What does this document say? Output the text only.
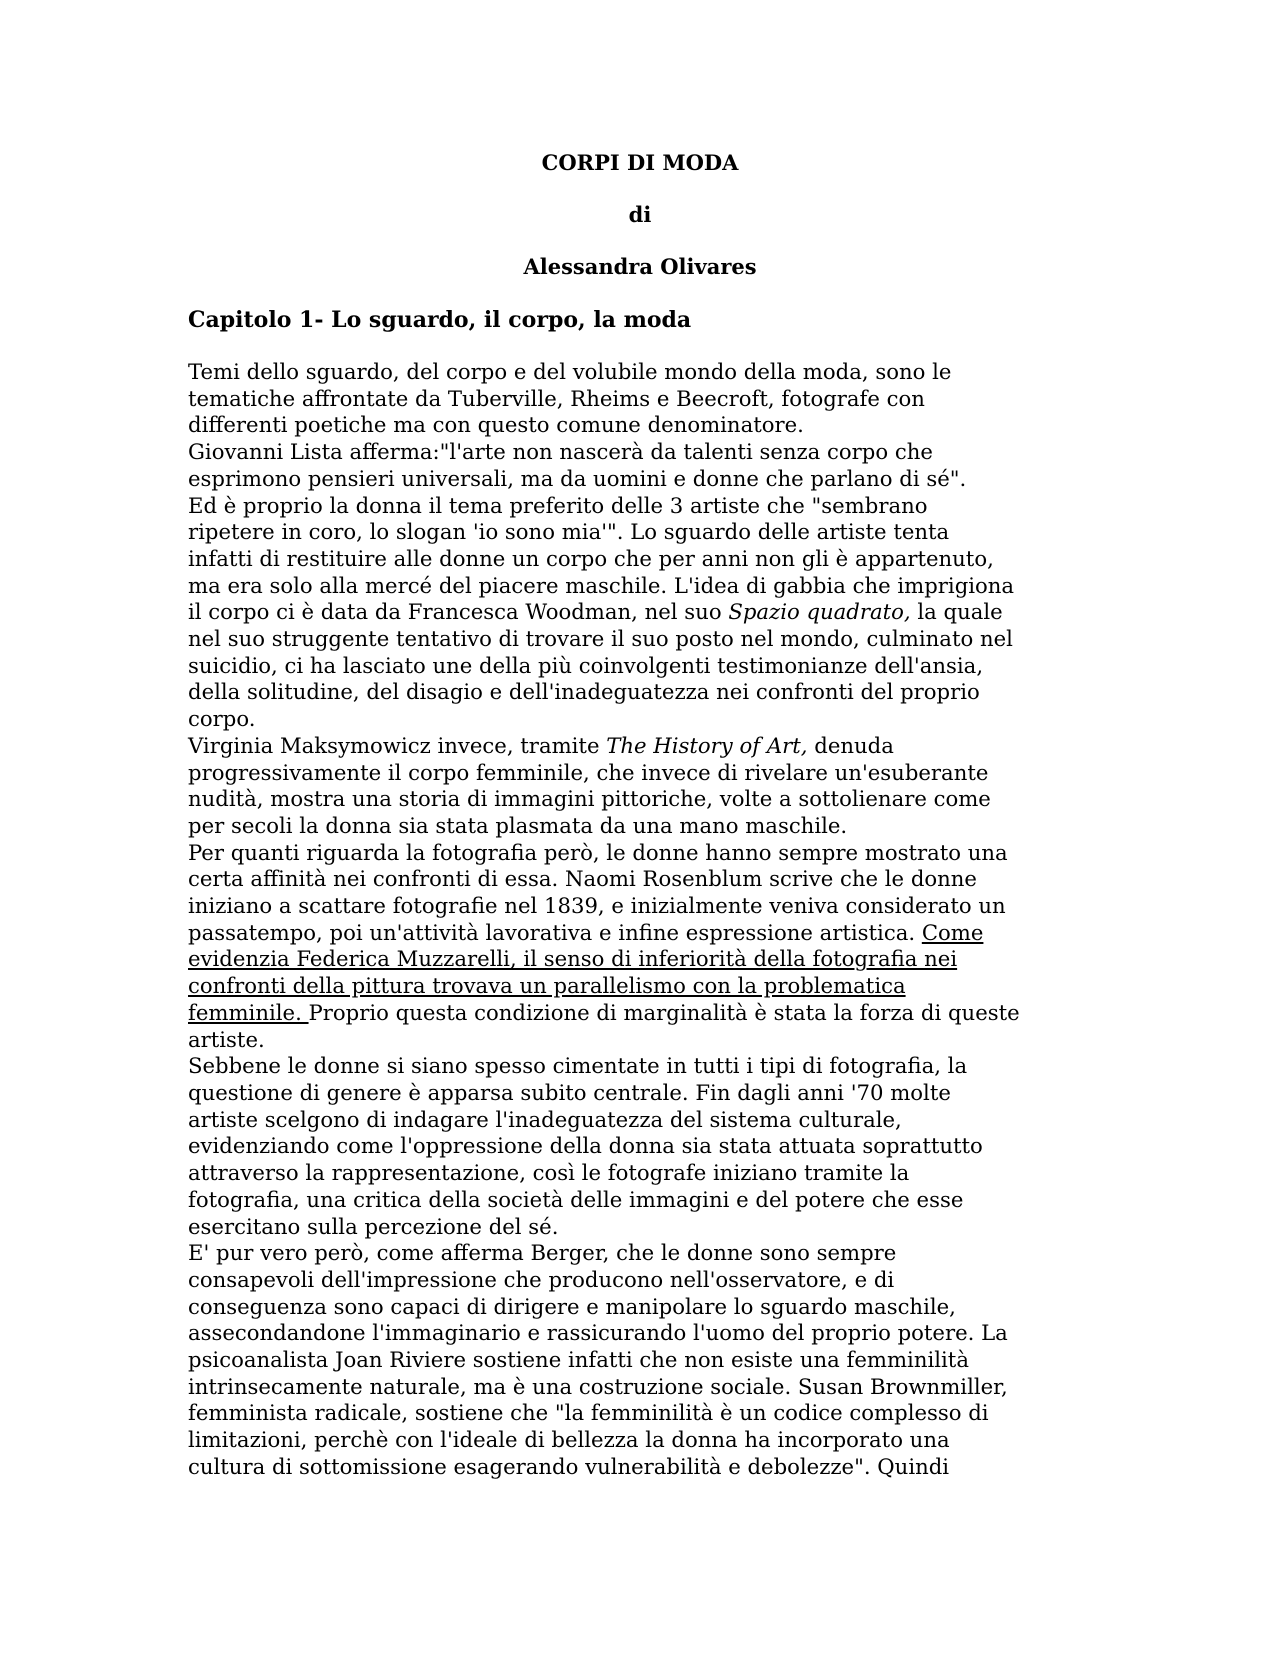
CORPI DI MODA
di
Alessandra Olivares
Capitolo 1- Lo sguardo, il corpo, la moda

Temi dello sguardo, del corpo e del volubile mondo della moda, sono le
tematiche affrontate da Tuberville, Rheims e Beecroft, fotografe con
differenti poetiche ma con questo comune denominatore.

Giovanni Lista afferma:"l'arte non nascerà da talenti senza corpo che
esprimono pensieri universali, ma da uomini e donne che parlano di sé".

Ed è proprio la donna il tema preferito delle 3 artiste che "sembrano
ripetere in coro, lo slogan 'io sono mia'". Lo sguardo delle artiste tenta
infatti di restituire alle donne un corpo che per anni non gli è appartenuto,
ma era solo alla mercé del piacere maschile. L'idea di gabbia che imprigiona
il corpo ci è data da Francesca Woodman, nel suo Spazio quadrato, la quale
nel suo struggente tentativo di trovare il suo posto nel mondo, culminato nel
suicidio, ci ha lasciato une della più coinvolgenti testimonianze dell'ansia,
della solitudine, del disagio e dell'inadeguatezza nei confronti del proprio
corpo.

Virginia Maksymowicz invece, tramite The History of Art, denuda
progressivamente il corpo femminile, che invece di rivelare un'esuberante
nudità, mostra una storia di immagini pittoriche, volte a sottolienare come
per secoli la donna sia stata plasmata da una mano maschile.

Per quanti riguarda la fotografia però, le donne hanno sempre mostrato una
certa affinità nei confronti di essa. Naomi Rosenblum scrive che le donne
iniziano a scattare fotografie nel 1839, e inizialmente veniva considerato un
passatempo, poi un'attività lavorativa e infine espressione artistica. Come
evidenzia Federica Muzzarelli, il senso di inferiorità della fotografia nei
confronti della pittura trovava un parallelismo con la problematica
femminile. Proprio questa condizione di marginalità è stata la forza di queste
artiste.

Sebbene le donne si siano spesso cimentate in tutti i tipi di fotografia, la
questione di genere è apparsa subito centrale. Fin dagli anni '70 molte
artiste scelgono di indagare l'inadeguatezza del sistema culturale,
evidenziando come l'oppressione della donna sia stata attuata soprattutto
attraverso la rappresentazione, così le fotografe iniziano tramite la
fotografia, una critica della società delle immagini e del potere che esse
esercitano sulla percezione del sé.

E' pur vero però, come afferma Berger, che le donne sono sempre
consapevoli dell'impressione che producono nell'osservatore, e di
conseguenza sono capaci di dirigere e manipolare lo sguardo maschile,
assecondandone l'immaginario e rassicurando l'uomo del proprio potere. La
psicoanalista Joan Riviere sostiene infatti che non esiste una femminilità
intrinsecamente naturale, ma è una costruzione sociale. Susan Brownmiller,
femminista radicale, sostiene che "la femminilità è un codice complesso di
limitazioni, perchè con l'ideale di bellezza la donna ha incorporato una
cultura di sottomissione esagerando vulnerabilità e debolezze". Quindi
